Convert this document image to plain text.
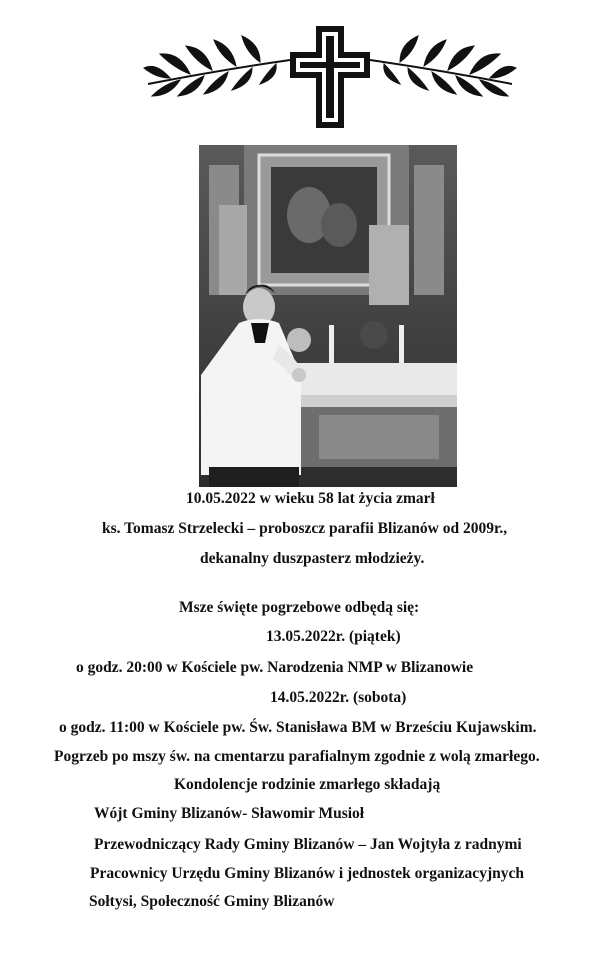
10.05.2022 w wieku 58 lat życia zmarł
ks. Tomasz Strzelecki – proboszcz parafii Blizanów od 2009r.,
dekanalny duszpasterz młodzieży.
Msze święte pogrzebowe odbędą się:
13.05.2022r. (piątek)
o godz. 20:00 w Kościele pw. Narodzenia NMP w Blizanowie
14.05.2022r. (sobota)
o godz. 11:00 w Kościele pw. Św. Stanisława BM w Brześciu Kujawskim.
Pogrzeb po mszy św. na cmentarzu parafialnym zgodnie z wolą zmarłego.
Kondolencje rodzinie zmarłego składają
Wójt Gminy Blizanów- Sławomir Musioł
Przewodniczący Rady Gminy Blizanów – Jan Wojtyła z radnymi
Pracownicy Urzędu Gminy Blizanów i jednostek organizacyjnych
Sołtysi, Społeczność Gminy Blizanów
